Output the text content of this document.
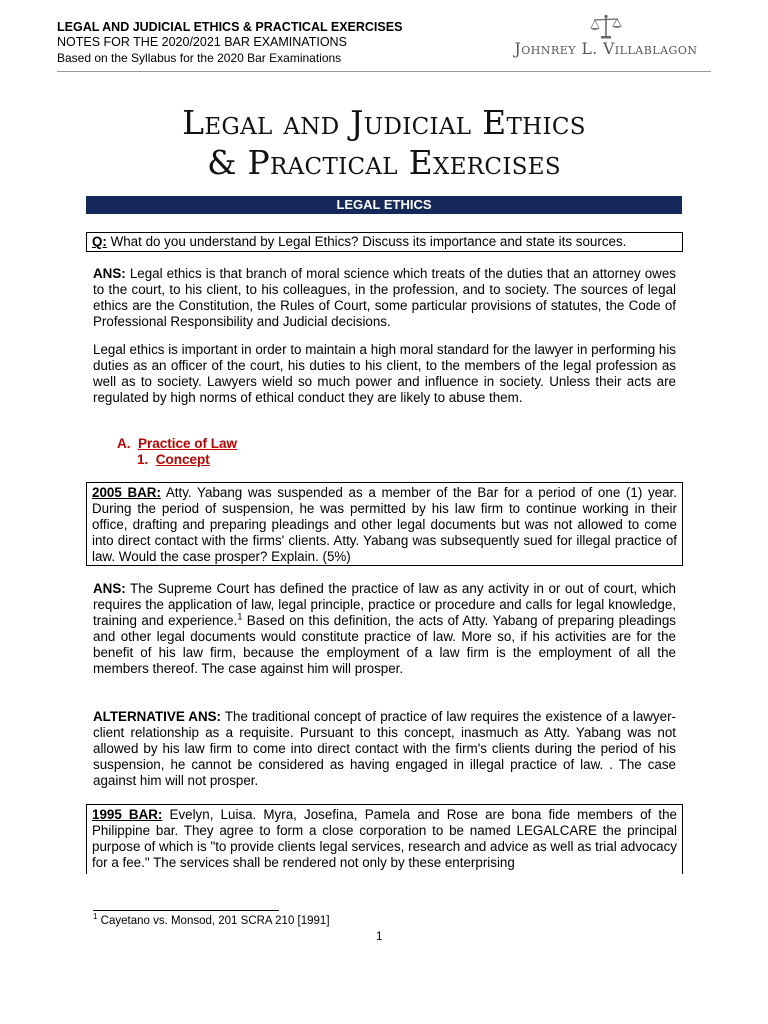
LEGAL AND JUDICIAL ETHICS & PRACTICAL EXERCISES
NOTES FOR THE 2020/2021 BAR EXAMINATIONS
Based on the Syllabus for the 2020 Bar Examinations	Johnrey L. Villablagon
Legal and Judicial Ethics
& Practical Exercises
LEGAL ETHICS

Q: What do you understand by Legal Ethics? Discuss its importance and state its sources.

ANS: Legal ethics is that branch of moral science which treats of the duties that an attorney owes to the court, to his client, to his colleagues, in the profession, and to society. The sources of legal ethics are the Constitution, the Rules of Court, some particular provisions of statutes, the Code of Professional Responsibility and Judicial decisions.

Legal ethics is important in order to maintain a high moral standard for the lawyer in performing his duties as an officer of the court, his duties to his client, to the members of the legal profession as well as to society. Lawyers wield so much power and influence in society. Unless their acts are regulated by high norms of ethical conduct they are likely to abuse them.

A. Practice of Law
1. Concept

2005 BAR: Atty. Yabang was suspended as a member of the Bar for a period of one (1) year. During the period of suspension, he was permitted by his law firm to continue working in their office, drafting and preparing pleadings and other legal documents but was not allowed to come into direct contact with the firms' clients. Atty. Yabang was subsequently sued for illegal practice of law. Would the case prosper? Explain. (5%)

ANS: The Supreme Court has defined the practice of law as any activity in or out of court, which requires the application of law, legal principle, practice or procedure and calls for legal knowledge, training and experience.$^1$ Based on this definition, the acts of Atty. Yabang of preparing pleadings and other legal documents would constitute practice of law. More so, if his activities are for the benefit of his law firm, because the employment of a law firm is the employment of all the members thereof. The case against him will prosper.

ALTERNATIVE ANS: The traditional concept of practice of law requires the existence of a lawyer-client relationship as a requisite. Pursuant to this concept, inasmuch as Atty. Yabang was not allowed by his law firm to come into direct contact with the firm's clients during the period of his suspension, he cannot be considered as having engaged in illegal practice of law. . The case against him will not prosper.

1995 BAR: Evelyn, Luisa. Myra, Josefina, Pamela and Rose are bona fide members of the Philippine bar. They agree to form a close corporation to be named LEGALCARE the principal purpose of which is "to provide clients legal services, research and advice as well as trial advocacy for a fee." The services shall be rendered not only by these enterprising

$^1$ Cayetano vs. Monsod, 201 SCRA 210 [1991]
1
